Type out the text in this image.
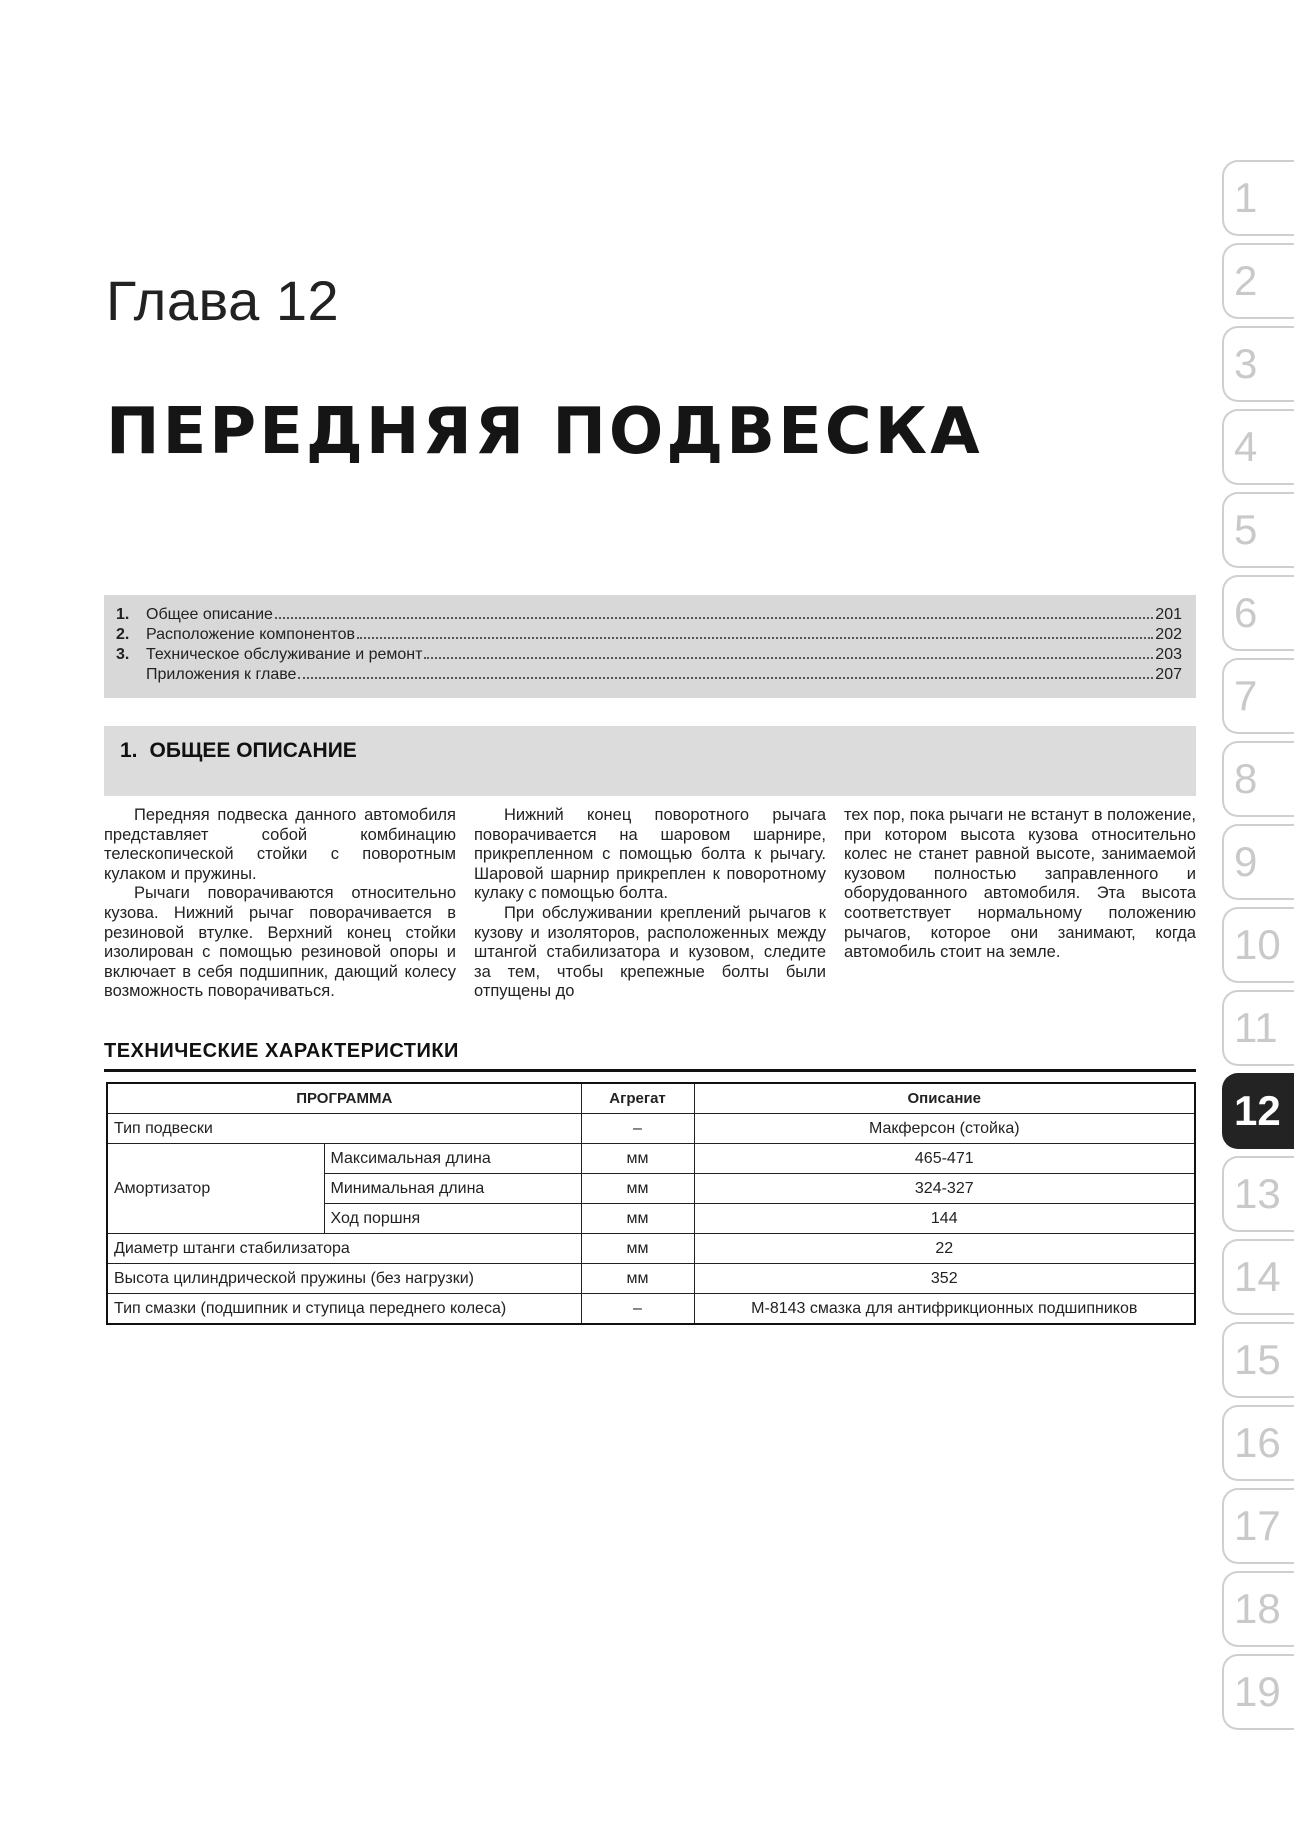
Глава 12
ПЕРЕДНЯЯ ПОДВЕСКА
1.	Общее описание	201
2.	Расположение компонентов	202
3.	Техническое обслуживание и ремонт	203
Приложения к главе	207
1. ОБЩЕЕ ОПИСАНИЕ

Передняя подвеска данного автомобиля представляет собой комбинацию телескопической стойки с поворотным кулаком и пружины.

Рычаги поворачиваются относительно кузова. Нижний рычаг поворачивается в резиновой втулке. Верхний конец стойки изолирован с помощью резиновой опоры и включает в себя подшипник, дающий колесу возможность поворачиваться.

Нижний конец поворотного рычага поворачивается на шаровом шарнире, прикрепленном с помощью болта к рычагу. Шаровой шарнир прикреплен к поворотному кулаку с помощью болта.

При обслуживании креплений рычагов к кузову и изоляторов, расположенных между штангой стабилизатора и кузовом, следите за тем, чтобы крепежные болты были отпущены до

тех пор, пока рычаги не встанут в положение, при котором высота кузова относительно колес не станет равной высоте, занимаемой кузовом полностью заправленного и оборудованного автомобиля. Эта высота соответствует нормальному положению рычагов, которое они занимают, когда автомобиль стоит на земле.

ТЕХНИЧЕСКИЕ ХАРАКТЕРИСТИКИ
ПРОГРАММА		Агрегат	Описание
Тип подвески		–	Макферсон (стойка)
Амортизатор	Максимальная длина	мм	465-471
	Минимальная длина	мм	324-327
	Ход поршня	мм	144
Диаметр штанги стабилизатора		мм	22
Высота цилиндрической пружины (без нагрузки)		мм	352
Тип смазки (подшипник и ступица переднего колеса)		–	M-8143 смазка для антифрикционных подшипников
1
2
3
4
5
6
7
8
9
10
11
12
13
14
15
16
17
18
19
